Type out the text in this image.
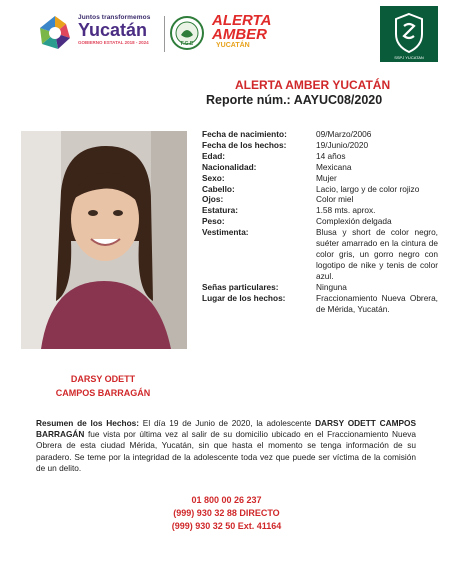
Juntos transformemos
Yucatán
GOBIERNO ESTATAL 2018 - 2024	F.G.E
ALERTA AMBER
YUCATÁN
SSPJ YUCATAN
ALERTA AMBER YUCATÁN
Reporte núm.: AAYUC08/2020
DARSY ODETT
CAMPOS BARRAGÁN
Fecha de nacimiento:	09/Marzo/2006
Fecha de los hechos:	19/Junio/2020
Edad:	14 años
Nacionalidad:	Mexicana
Sexo:	Mujer
Cabello:	Lacio, largo y de color rojizo
Ojos:	Color miel
Estatura:	1.58 mts. aprox.
Peso:	Complexión delgada
Vestimenta:	Blusa y short de color negro, suéter amarrado en la cintura de color gris, un gorro negro con logotipo de nike y tenis de color azul.
Señas particulares:	Ninguna
Lugar de los hechos:	Fraccionamiento Nueva Obrera, de Mérida, Yucatán.
Resumen de los Hechos: El día 19 de Junio de 2020, la adolescente DARSY ODETT CAMPOS BARRAGÁN fue vista por última vez al salir de su domicilio ubicado en el Fraccionamiento Nueva Obrera de esta ciudad Mérida, Yucatán, sin que hasta el momento se tenga información de su paradero. Se teme por la integridad de la adolescente toda vez que puede ser víctima de la comisión de un delito.
01 800 00 26 237
(999) 930 32 88 DIRECTO
(999) 930 32 50 Ext. 41164
